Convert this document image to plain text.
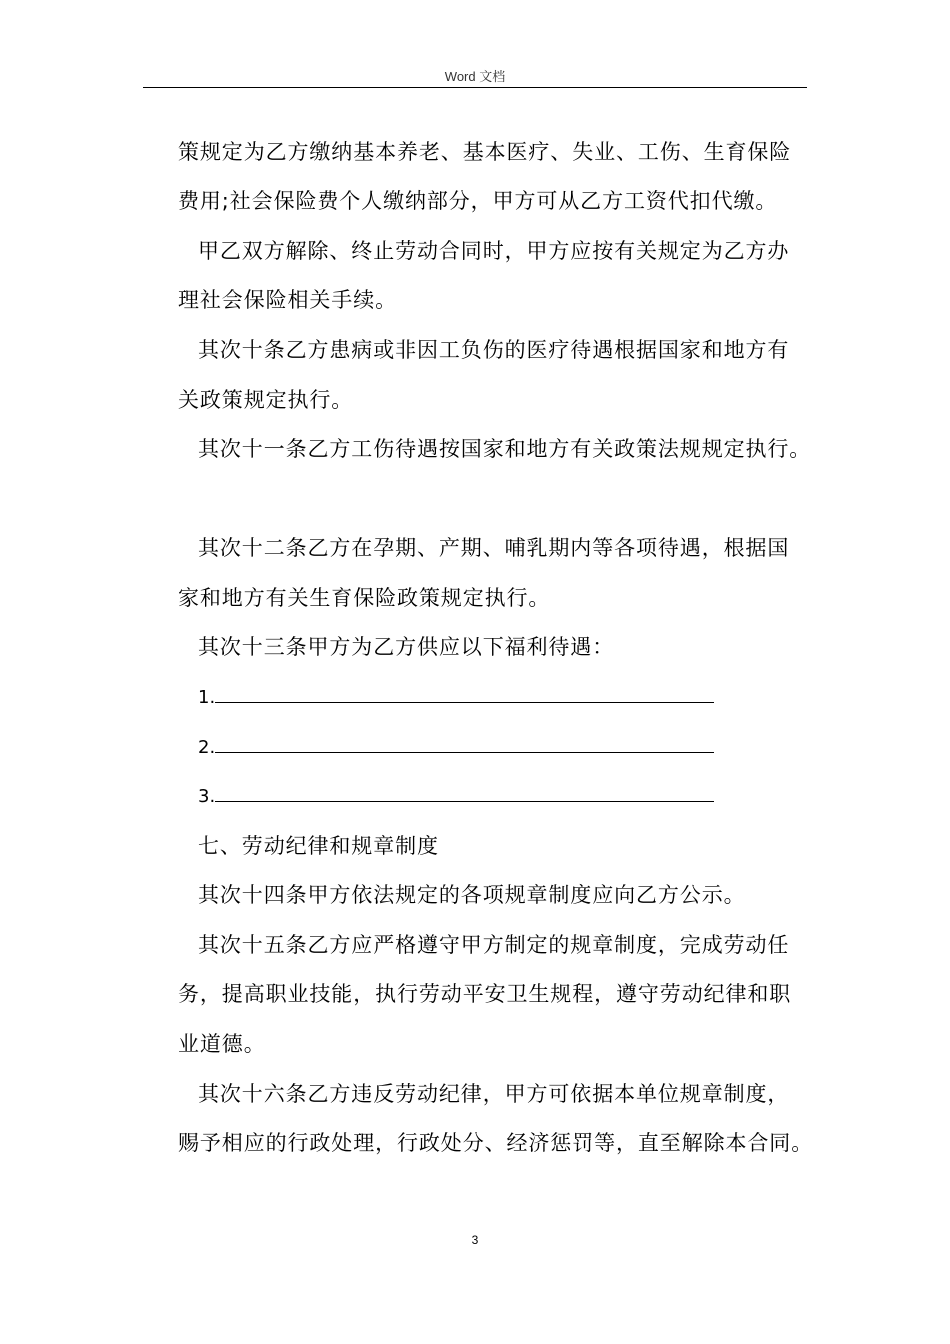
Word 文档
策规定为乙方缴纳基本养老、基本医疗、失业、工伤、生育保险
费用;社会保险费个人缴纳部分，甲方可从乙方工资代扣代缴。
甲乙双方解除、终止劳动合同时，甲方应按有关规定为乙方办
理社会保险相关手续。
其次十条乙方患病或非因工负伤的医疗待遇根据国家和地方有
关政策规定执行。
其次十一条乙方工伤待遇按国家和地方有关政策法规规定执行。
其次十二条乙方在孕期、产期、哺乳期内等各项待遇，根据国
家和地方有关生育保险政策规定执行。
其次十三条甲方为乙方供应以下福利待遇：
1.
2.
3.
七、劳动纪律和规章制度
其次十四条甲方依法规定的各项规章制度应向乙方公示。
其次十五条乙方应严格遵守甲方制定的规章制度，完成劳动任
务，提高职业技能，执行劳动平安卫生规程，遵守劳动纪律和职
业道德。
其次十六条乙方违反劳动纪律，甲方可依据本单位规章制度，
赐予相应的行政处理，行政处分、经济惩罚等，直至解除本合同。
3
